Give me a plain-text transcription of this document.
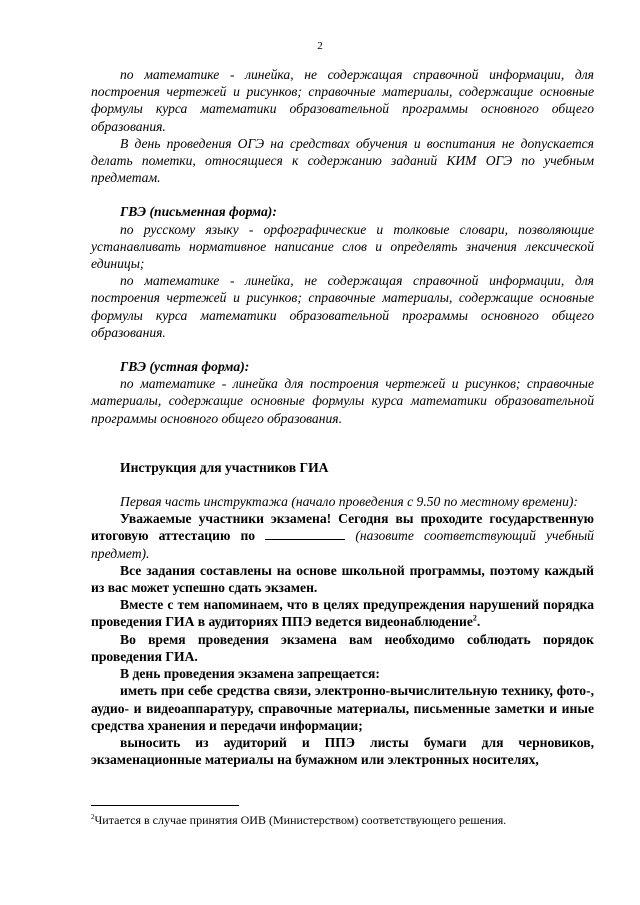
2

по математике - линейка, не содержащая справочной информации, для построения чертежей и рисунков; справочные материалы, содержащие основные формулы курса математики образовательной программы основного общего образования.

В день проведения ОГЭ на средствах обучения и воспитания не допускается делать пометки, относящиеся к содержанию заданий КИМ ОГЭ по учебным предметам.

ГВЭ (письменная форма):

по русскому языку - орфографические и толковые словари, позволяющие устанавливать нормативное написание слов и определять значения лексической единицы;

по математике - линейка, не содержащая справочной информации, для построения чертежей и рисунков; справочные материалы, содержащие основные формулы курса математики образовательной программы основного общего образования.

ГВЭ (устная форма):

по математике - линейка для построения чертежей и рисунков; справочные материалы, содержащие основные формулы курса математики образовательной программы основного общего образования.

Инструкция для участников ГИА

Первая часть инструктажа (начало проведения с 9.50 по местному времени):

Уважаемые участники экзамена! Сегодня вы проходите государственную итоговую аттестацию по	(назовите соответствующий учебный предмет).

Все задания составлены на основе школьной программы, поэтому каждый из вас может успешно сдать экзамен.

Вместе с тем напоминаем, что в целях предупреждения нарушений порядка проведения ГИА в аудиториях ППЭ ведется видеонаблюдение$^2$.

Во время проведения экзамена вам необходимо соблюдать порядок проведения ГИА.

В день проведения экзамена запрещается:

иметь при себе средства связи, электронно-вычислительную технику, фото-, аудио- и видеоаппаратуру, справочные материалы, письменные заметки и иные средства хранения и передачи информации;

выносить из аудиторий и ППЭ листы бумаги для черновиков, экзаменационные материалы на бумажном или электронных носителях,

$^2$Читается в случае принятия ОИВ (Министерством) соответствующего решения.
